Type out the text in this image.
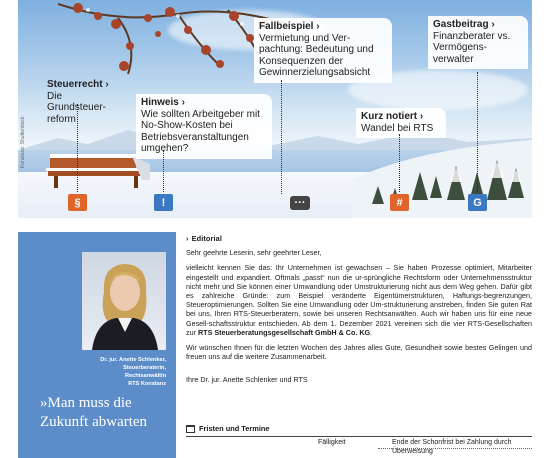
Konstanz: Shutterstock
Steuerrecht ›
Die Grundsteuer-reform
Hinweis ›
Wie sollten Arbeitgeber mit No-Show-Kosten bei Betriebsveranstaltungen umgehen?
Fallbeispiel ›
Vermietung und Ver-pachtung: Bedeutung und Konsequenzen der Gewinnerzielungsabsicht
Kurz notiert ›
Wandel bei RTS
Gastbeitrag ›
Finanzberater vs. Vermögens-verwalter
§	!	···	#	G
Dr. jur. Anette Schlenker,
Steuerberaterin,
Rechtsanwältin
RTS Konstanz
»Man muss die
Zukunft abwarten
› Editorial
Sehr geehrte Leserin, sehr geehrter Leser,
vielleicht kennen Sie das: Ihr Unternehmen ist gewachsen – Sie haben Prozesse optimiert, Mitarbeiter eingestellt und expandiert. Oftmals „passt“ nun die ur-sprüngliche Rechtsform oder Unternehmensstruktur nicht mehr und Sie können einer Umwandlung oder Umstrukturierung nicht aus dem Weg gehen. Dafür gibt es zahlreiche Gründe: zum Beispiel veränderte Eigentümerstrukturen, Haftungs-begrenzungen, Steueroptimierungen. Sollten Sie eine Umwandlung oder Um-strukturierung anstreben, finden Sie guten Rat bei uns, Ihren RTS-Steuerberatern, sowie bei unseren Rechtsanwälten. Auch wir haben uns für eine neue Gesell-schaftsstruktur entschieden. Ab dem 1. Dezember 2021 vereinen sich die vier RTS-Gesellschaften zur RTS Steuerberatungsgesellschaft GmbH & Co. KG.
Wir wünschen Ihnen für die letzten Wochen des Jahres alles Gute, Gesundheit sowie bestes Gelingen und freuen uns auf die weitere Zusammenarbeit.
Ihre Dr. jur. Anette Schlenker und RTS
Fristen und Termine
Fälligkeit	Ende der Schonfrist bei Zahlung durch Überweisung
